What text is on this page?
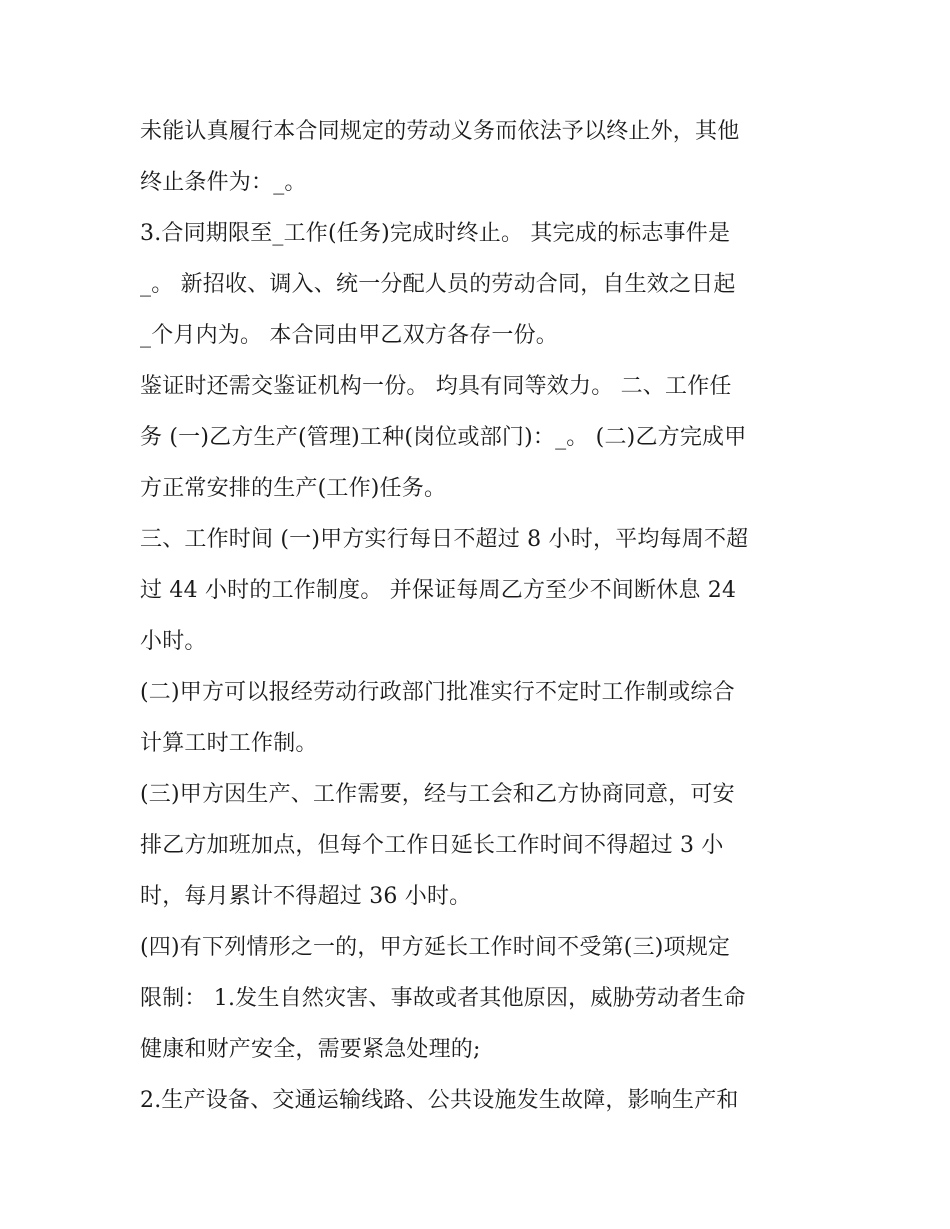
未能认真履行本合同规定的劳动义务而依法予以终止外，其他
终止条件为：_。

3.合同期限至_工作(任务)完成时终止。 其完成的标志事件是
_。 新招收、调入、统一分配人员的劳动合同，自生效之日起
_个月内为。 本合同由甲乙双方各存一份。

鉴证时还需交鉴证机构一份。 均具有同等效力。 二、工作任
务 (一)乙方生产(管理)工种(岗位或部门)：_。 (二)乙方完成甲
方正常安排的生产(工作)任务。

三、工作时间 (一)甲方实行每日不超过 8 小时，平均每周不超
过 44 小时的工作制度。 并保证每周乙方至少不间断休息 24
小时。

(二)甲方可以报经劳动行政部门批准实行不定时工作制或综合
计算工时工作制。

(三)甲方因生产、工作需要，经与工会和乙方协商同意，可安
排乙方加班加点，但每个工作日延长工作时间不得超过 3 小
时，每月累计不得超过 36 小时。

(四)有下列情形之一的，甲方延长工作时间不受第(三)项规定
限制： 1.发生自然灾害、事故或者其他原因，威胁劳动者生命
健康和财产安全，需要紧急处理的;

2.生产设备、交通运输线路、公共设施发生故障，影响生产和
